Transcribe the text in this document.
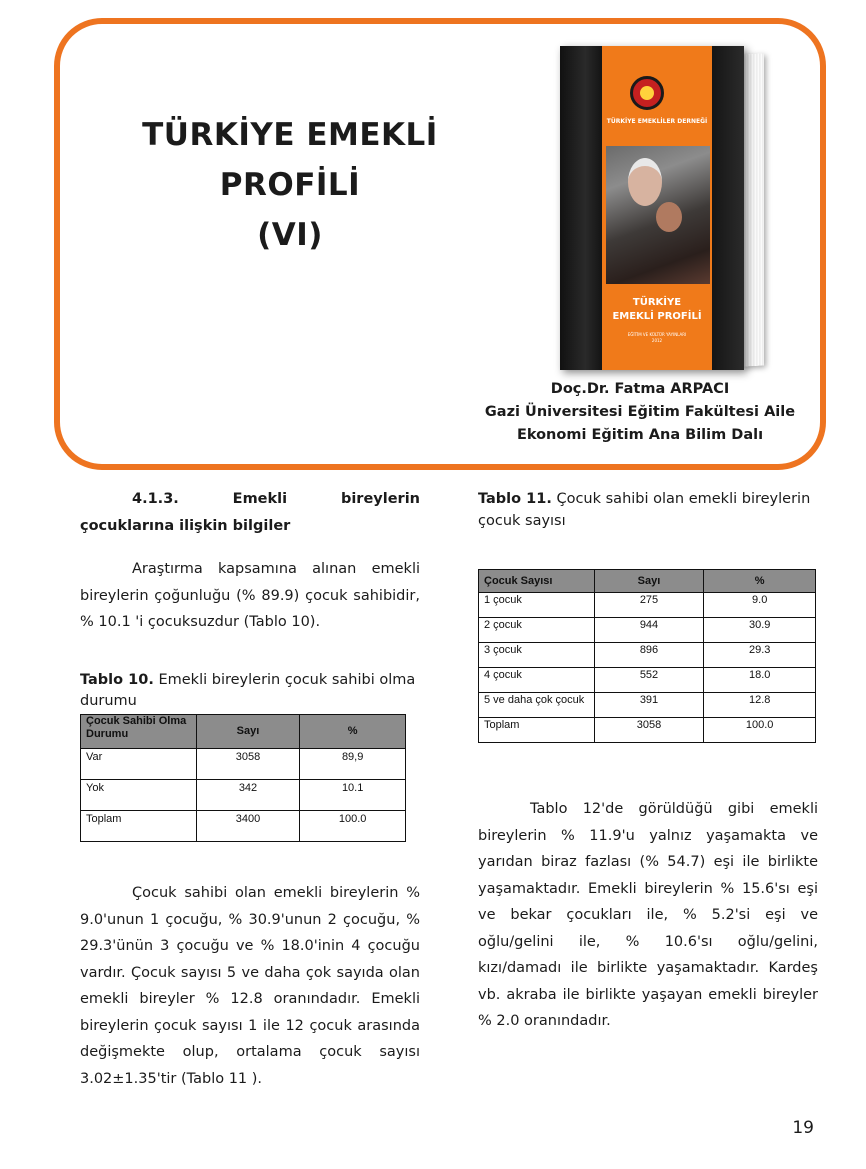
TÜRKİYE EMEKLİ PROFİLİ
(VI)
TÜRKİYE EMEKLİLER DERNEĞİ
TÜRKİYE
EMEKLİ PROFİLİ
EĞİTİM VE KÜLTÜR YAYINLARI
2012
Doç.Dr. Fatma ARPACI
Gazi Üniversitesi Eğitim Fakültesi Aile
Ekonomi Eğitim Ana Bilim Dalı
4.1.3. Emekli bireylerin çocuklarına ilişkin bilgiler
Araştırma kapsamına alınan emekli bireylerin çoğunluğu (% 89.9) çocuk sahibidir, % 10.1 'i çocuksuzdur (Tablo 10).
Tablo 10. Emekli bireylerin çocuk sahibi olma durumu
Çocuk Sahibi Olma Durumu	Sayı	%
Var	3058	89,9
Yok	342	10.1
Toplam	3400	100.0
Çocuk sahibi olan emekli bireylerin % 9.0'unun 1 çocuğu, % 30.9'unun 2 çocuğu, % 29.3'ünün 3 çocuğu ve % 18.0'inin 4 çocuğu vardır. Çocuk sayısı 5 ve daha çok sayıda olan emekli bireyler % 12.8 oranındadır. Emekli bireylerin çocuk sayısı 1 ile 12 çocuk arasında değişmekte olup, ortalama çocuk sayısı 3.02±1.35'tir (Tablo 11 ).
Tablo 11. Çocuk sahibi olan emekli bireylerin çocuk sayısı
Çocuk Sayısı	Sayı	%
1 çocuk	275	9.0
2 çocuk	944	30.9
3 çocuk	896	29.3
4 çocuk	552	18.0
5 ve daha çok çocuk	391	12.8
Toplam	3058	100.0
Tablo 12'de görüldüğü gibi emekli bireylerin % 11.9'u yalnız yaşamakta ve yarıdan biraz fazlası (% 54.7) eşi ile birlikte yaşamaktadır. Emekli bireylerin % 15.6'sı eşi ve bekar çocukları ile, % 5.2'si eşi ve oğlu/gelini ile, % 10.6'sı oğlu/gelini, kızı/damadı ile birlikte yaşamaktadır. Kardeş vb. akraba ile birlikte yaşayan emekli bireyler % 2.0 oranındadır.
19
